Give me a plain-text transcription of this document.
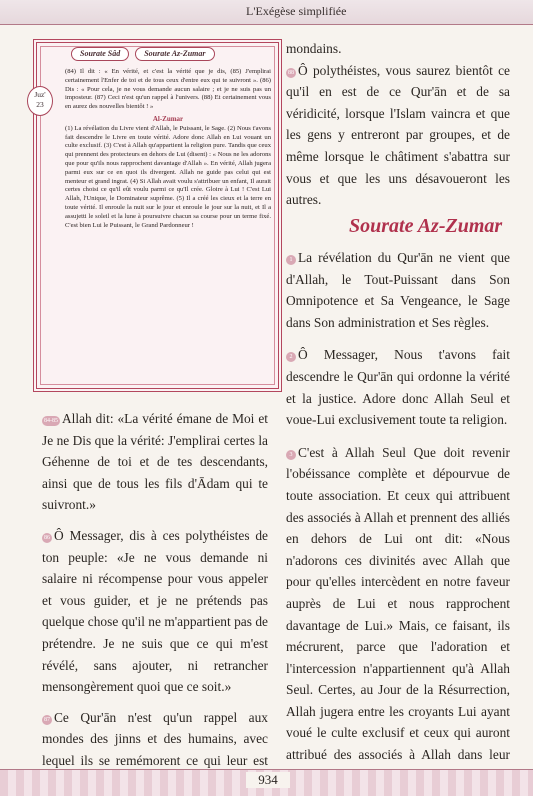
L'Exégèse simplifiée
Sourate Sâd	Sourate Az-Zumar

(84) Il dit : « En vérité, et c'est la vérité que je dis, (85) J'emplirai certainement l'Enfer de toi et de tous ceux d'entre eux qui te suivront ». (86) Dis : « Pour cela, je ne vous demande aucun salaire ; et je ne suis pas un imposteur. (87) Ceci n'est qu'un rappel à l'univers. (88) Et certainement vous en aurez des nouvelles bientôt ! »

Al-Zumar

(1) La révélation du Livre vient d'Allah, le Puissant, le Sage. (2) Nous t'avons fait descendre le Livre en toute vérité. Adore donc Allah en Lui vouant un culte exclusif. (3) C'est à Allah qu'appartient la religion pure. Tandis que ceux qui prennent des protecteurs en dehors de Lui (disent) : « Nous ne les adorons que pour qu'ils nous rapprochent davantage d'Allah ». En vérité, Allah jugera parmi eux sur ce en quoi ils divergent. Allah ne guide pas celui qui est menteur et grand ingrat. (4) Si Allah avait voulu s'attribuer un enfant, Il aurait certes choisi ce qu'il eût voulu parmi ce qu'Il crée. Gloire à Lui ! C'est Lui Allah, l'Unique, le Dominateur suprême. (5) Il a créé les cieux et la terre en toute vérité. Il enroule la nuit sur le jour et enroule le jour sur la nuit, et Il a assujetti le soleil et la lune à poursuivre chacun sa course pour un terme fixé. C'est bien Lui le Puissant, le Grand Pardonneur !

Juz'
23

mondains.

88 Ô polythéistes, vous saurez bientôt ce qu'il en est de ce Qur'ān et de sa véridicité, lorsque l'Islam vaincra et que les gens y entreront par groupes, et de même lorsque le châtiment s'abattra sur vous et que les uns désavoueront les autres.

Sourate Az-Zumar

1 La révélation du Qur'ān ne vient que d'Allah, le Tout-Puissant dans Son Omnipotence et Sa Vengeance, le Sage dans Son administration et Ses règles.

2 Ô Messager, Nous t'avons fait descendre le Qur'ān qui ordonne la vérité et la justice. Adore donc Allah Seul et voue-Lui exclusivement toute ta religion.

3 C'est à Allah Seul Que doit revenir l'obéissance complète et dépourvue de toute association. Et ceux qui attribuent des associés à Allah et prennent des alliés en dehors de Lui ont dit: «Nous n'adorons ces divinités avec Allah que pour qu'elles intercèdent en notre faveur auprès de Lui et nous rapprochent davantage de Lui.» Mais, ce faisant, ils mécrurent, parce que l'adoration et l'intercession n'appartiennent qu'à Allah Seul. Certes, au Jour de la Résurrection, Allah jugera entre les croyants Lui ayant voué le culte exclusif et ceux qui auront attribué des associés à Allah dans leur

84-85 Allah dit: «La vérité émane de Moi et Je ne Dis que la vérité: J'emplirai certes la Géhenne de toi et de tes descendants, ainsi que de tous les fils d'Ādam qui te suivront.»

86 Ô Messager, dis à ces polythéistes de ton peuple: «Je ne vous demande ni salaire ni récompense pour vous appeler et vous guider, et je ne prétends pas quelque chose qu'il ne m'appartient pas de prétendre. Je ne suis que ce qui m'est révélé, sans ajouter, ni retrancher mensongèrement quoi que ce soit.»

87 Ce Qur'ān n'est qu'un rappel aux mondes des jinns et des humains, avec lequel ils se remémorent ce qui leur est

934
